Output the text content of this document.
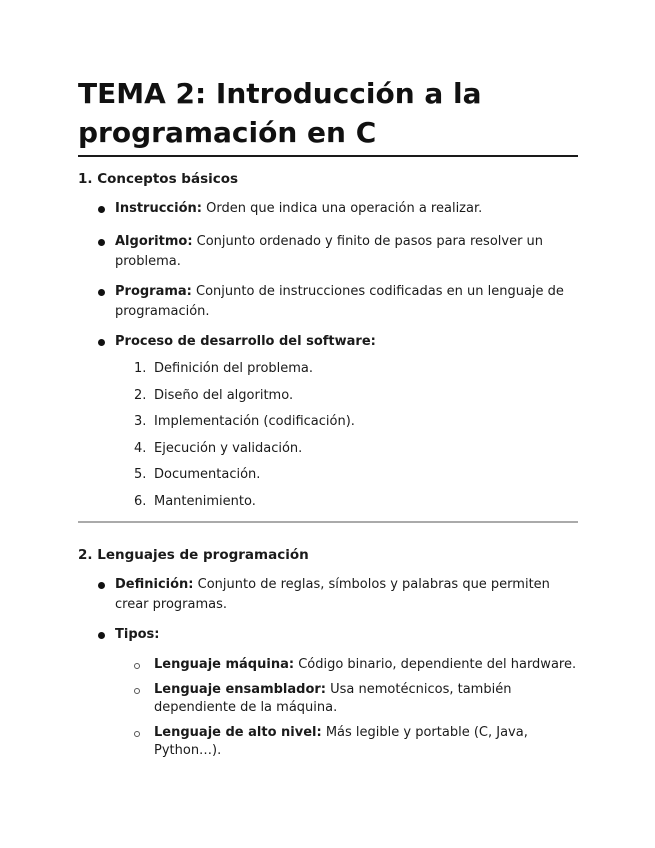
TEMA 2: Introducción a la programación en C
1. Conceptos básicos
Instrucción: Orden que indica una operación a realizar.
Algoritmo: Conjunto ordenado y finito de pasos para resolver un problema.
Programa: Conjunto de instrucciones codificadas en un lenguaje de programación.
Proceso de desarrollo del software:
1. Definición del problema.
2. Diseño del algoritmo.
3. Implementación (codificación).
4. Ejecución y validación.
5. Documentación.
6. Mantenimiento.
2. Lenguajes de programación
Definición: Conjunto de reglas, símbolos y palabras que permiten crear programas.
Tipos:
Lenguaje máquina: Código binario, dependiente del hardware.
Lenguaje ensamblador: Usa nemotécnicos, también dependiente de la máquina.
Lenguaje de alto nivel: Más legible y portable (C, Java, Python…).
